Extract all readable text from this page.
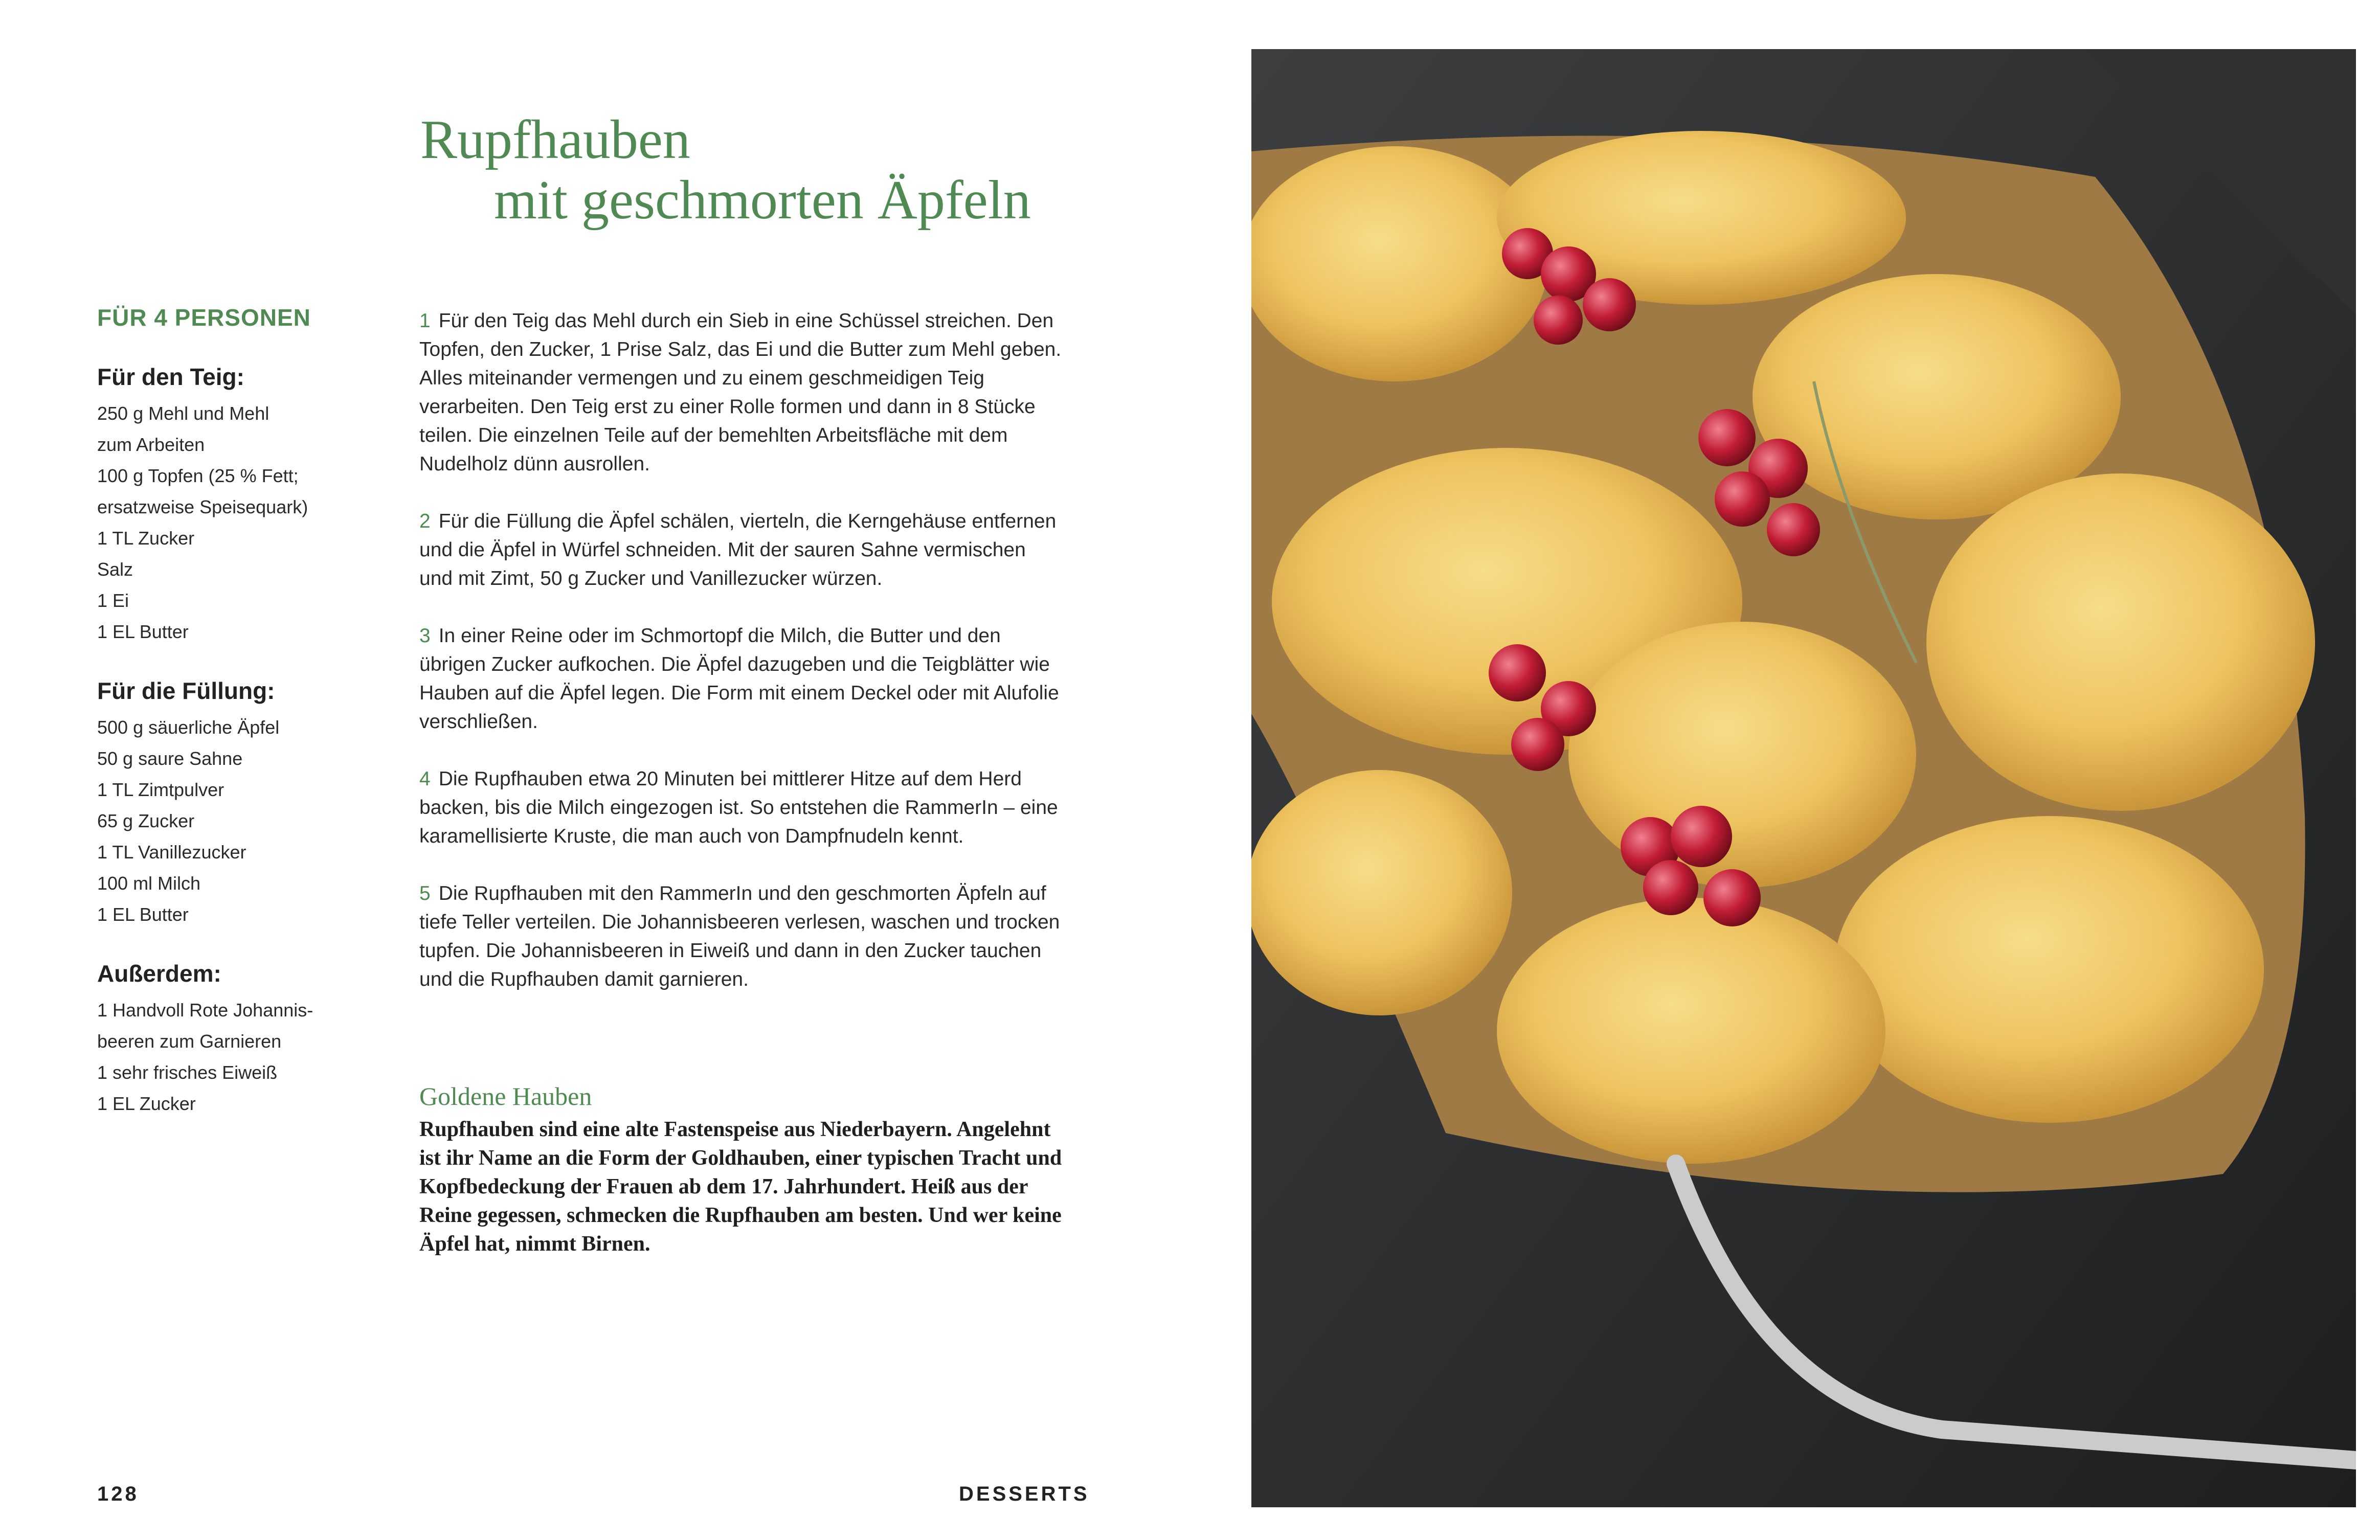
Rupfhauben
mit geschmorten Äpfeln
FÜR 4 PERSONEN
Für den Teig:
250 g Mehl und Mehl
zum Arbeiten
100 g Topfen (25 % Fett;
ersatzweise Speisequark)
1 TL Zucker
Salz
1 Ei
1 EL Butter
Für die Füllung:
500 g säuerliche Äpfel
50 g saure Sahne
1 TL Zimtpulver
65 g Zucker
1 TL Vanillezucker
100 ml Milch
1 EL Butter
Außerdem:
1 Handvoll Rote Johannis-
beeren zum Garnieren
1 sehr frisches Eiweiß
1 EL Zucker

1 Für den Teig das Mehl durch ein Sieb in eine Schüssel streichen. Den Topfen, den Zucker, 1 Prise Salz, das Ei und die Butter zum Mehl geben. Alles miteinander vermengen und zu einem geschmeidigen Teig verarbeiten. Den Teig erst zu einer Rolle formen und dann in 8 Stücke teilen. Die einzelnen Teile auf der bemehlten Arbeitsfläche mit dem Nudelholz dünn ausrollen.

2 Für die Füllung die Äpfel schälen, vierteln, die Kerngehäuse entfernen und die Äpfel in Würfel schneiden. Mit der sauren Sahne vermischen und mit Zimt, 50 g Zucker und Vanillezucker würzen.

3 In einer Reine oder im Schmortopf die Milch, die Butter und den übrigen Zucker aufkochen. Die Äpfel dazugeben und die Teigblätter wie Hauben auf die Äpfel legen. Die Form mit einem Deckel oder mit Alufolie verschließen.

4 Die Rupfhauben etwa 20 Minuten bei mittlerer Hitze auf dem Herd backen, bis die Milch eingezogen ist. So entstehen die RammerIn – eine karamellisierte Kruste, die man auch von Dampfnudeln kennt.

5 Die Rupfhauben mit den RammerIn und den geschmorten Äpfeln auf tiefe Teller verteilen. Die Johannisbeeren verlesen, waschen und trocken tupfen. Die Johannisbeeren in Eiweiß und dann in den Zucker tauchen und die Rupfhauben damit garnieren.

Goldene Hauben

Rupfhauben sind eine alte Fastenspeise aus Niederbayern. Angelehnt ist ihr Name an die Form der Goldhauben, einer typischen Tracht und Kopfbedeckung der Frauen ab dem 17. Jahrhundert. Heiß aus der Reine gegessen, schmecken die Rupfhauben am besten. Und wer keine Äpfel hat, nimmt Birnen.

128	DESSERTS
